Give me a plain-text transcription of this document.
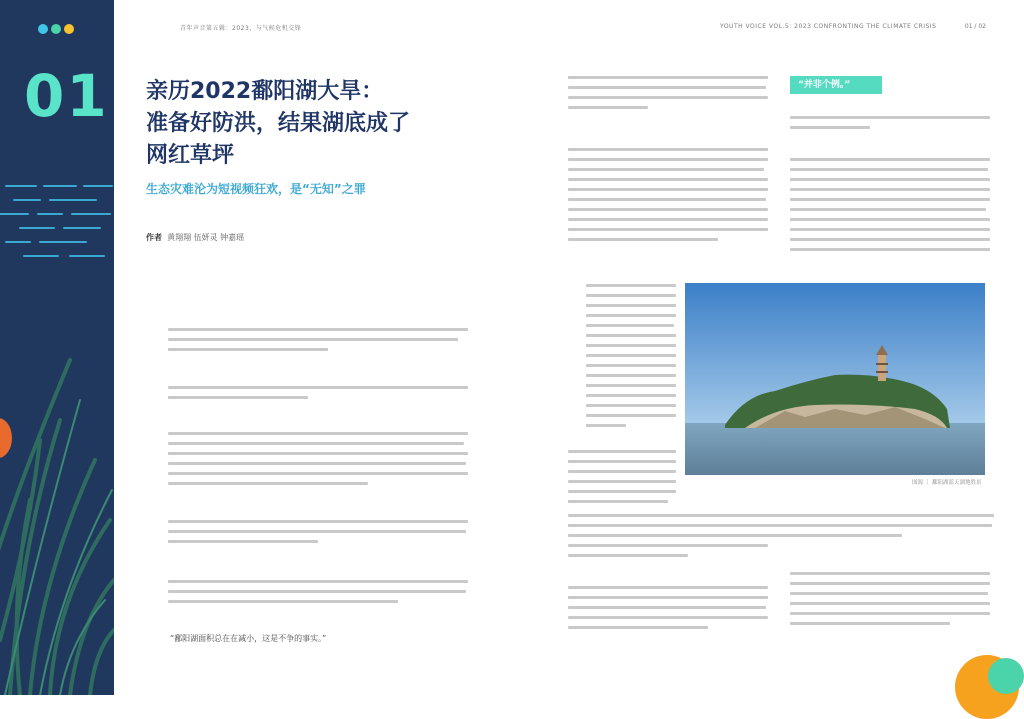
01
青年声音第五辑：2023，与气候危机交锋	YOUTH VOICE VOL.5: 2023 CONFRONTING THE CLIMATE CRISIS	01 / 02
亲历2022鄱阳湖大旱：
准备好防洪，结果湖底成了
网红草坪
生态灾难沦为短视频狂欢，是“无知”之罪
作者 黄翔翔 伍妍灵 钟嘉瑶
“鄱阳湖面积总在在减小，这是不争的事实。”
“并非个例。”
图源 ｜ 鄱阳湖蓝天湖地胜景
